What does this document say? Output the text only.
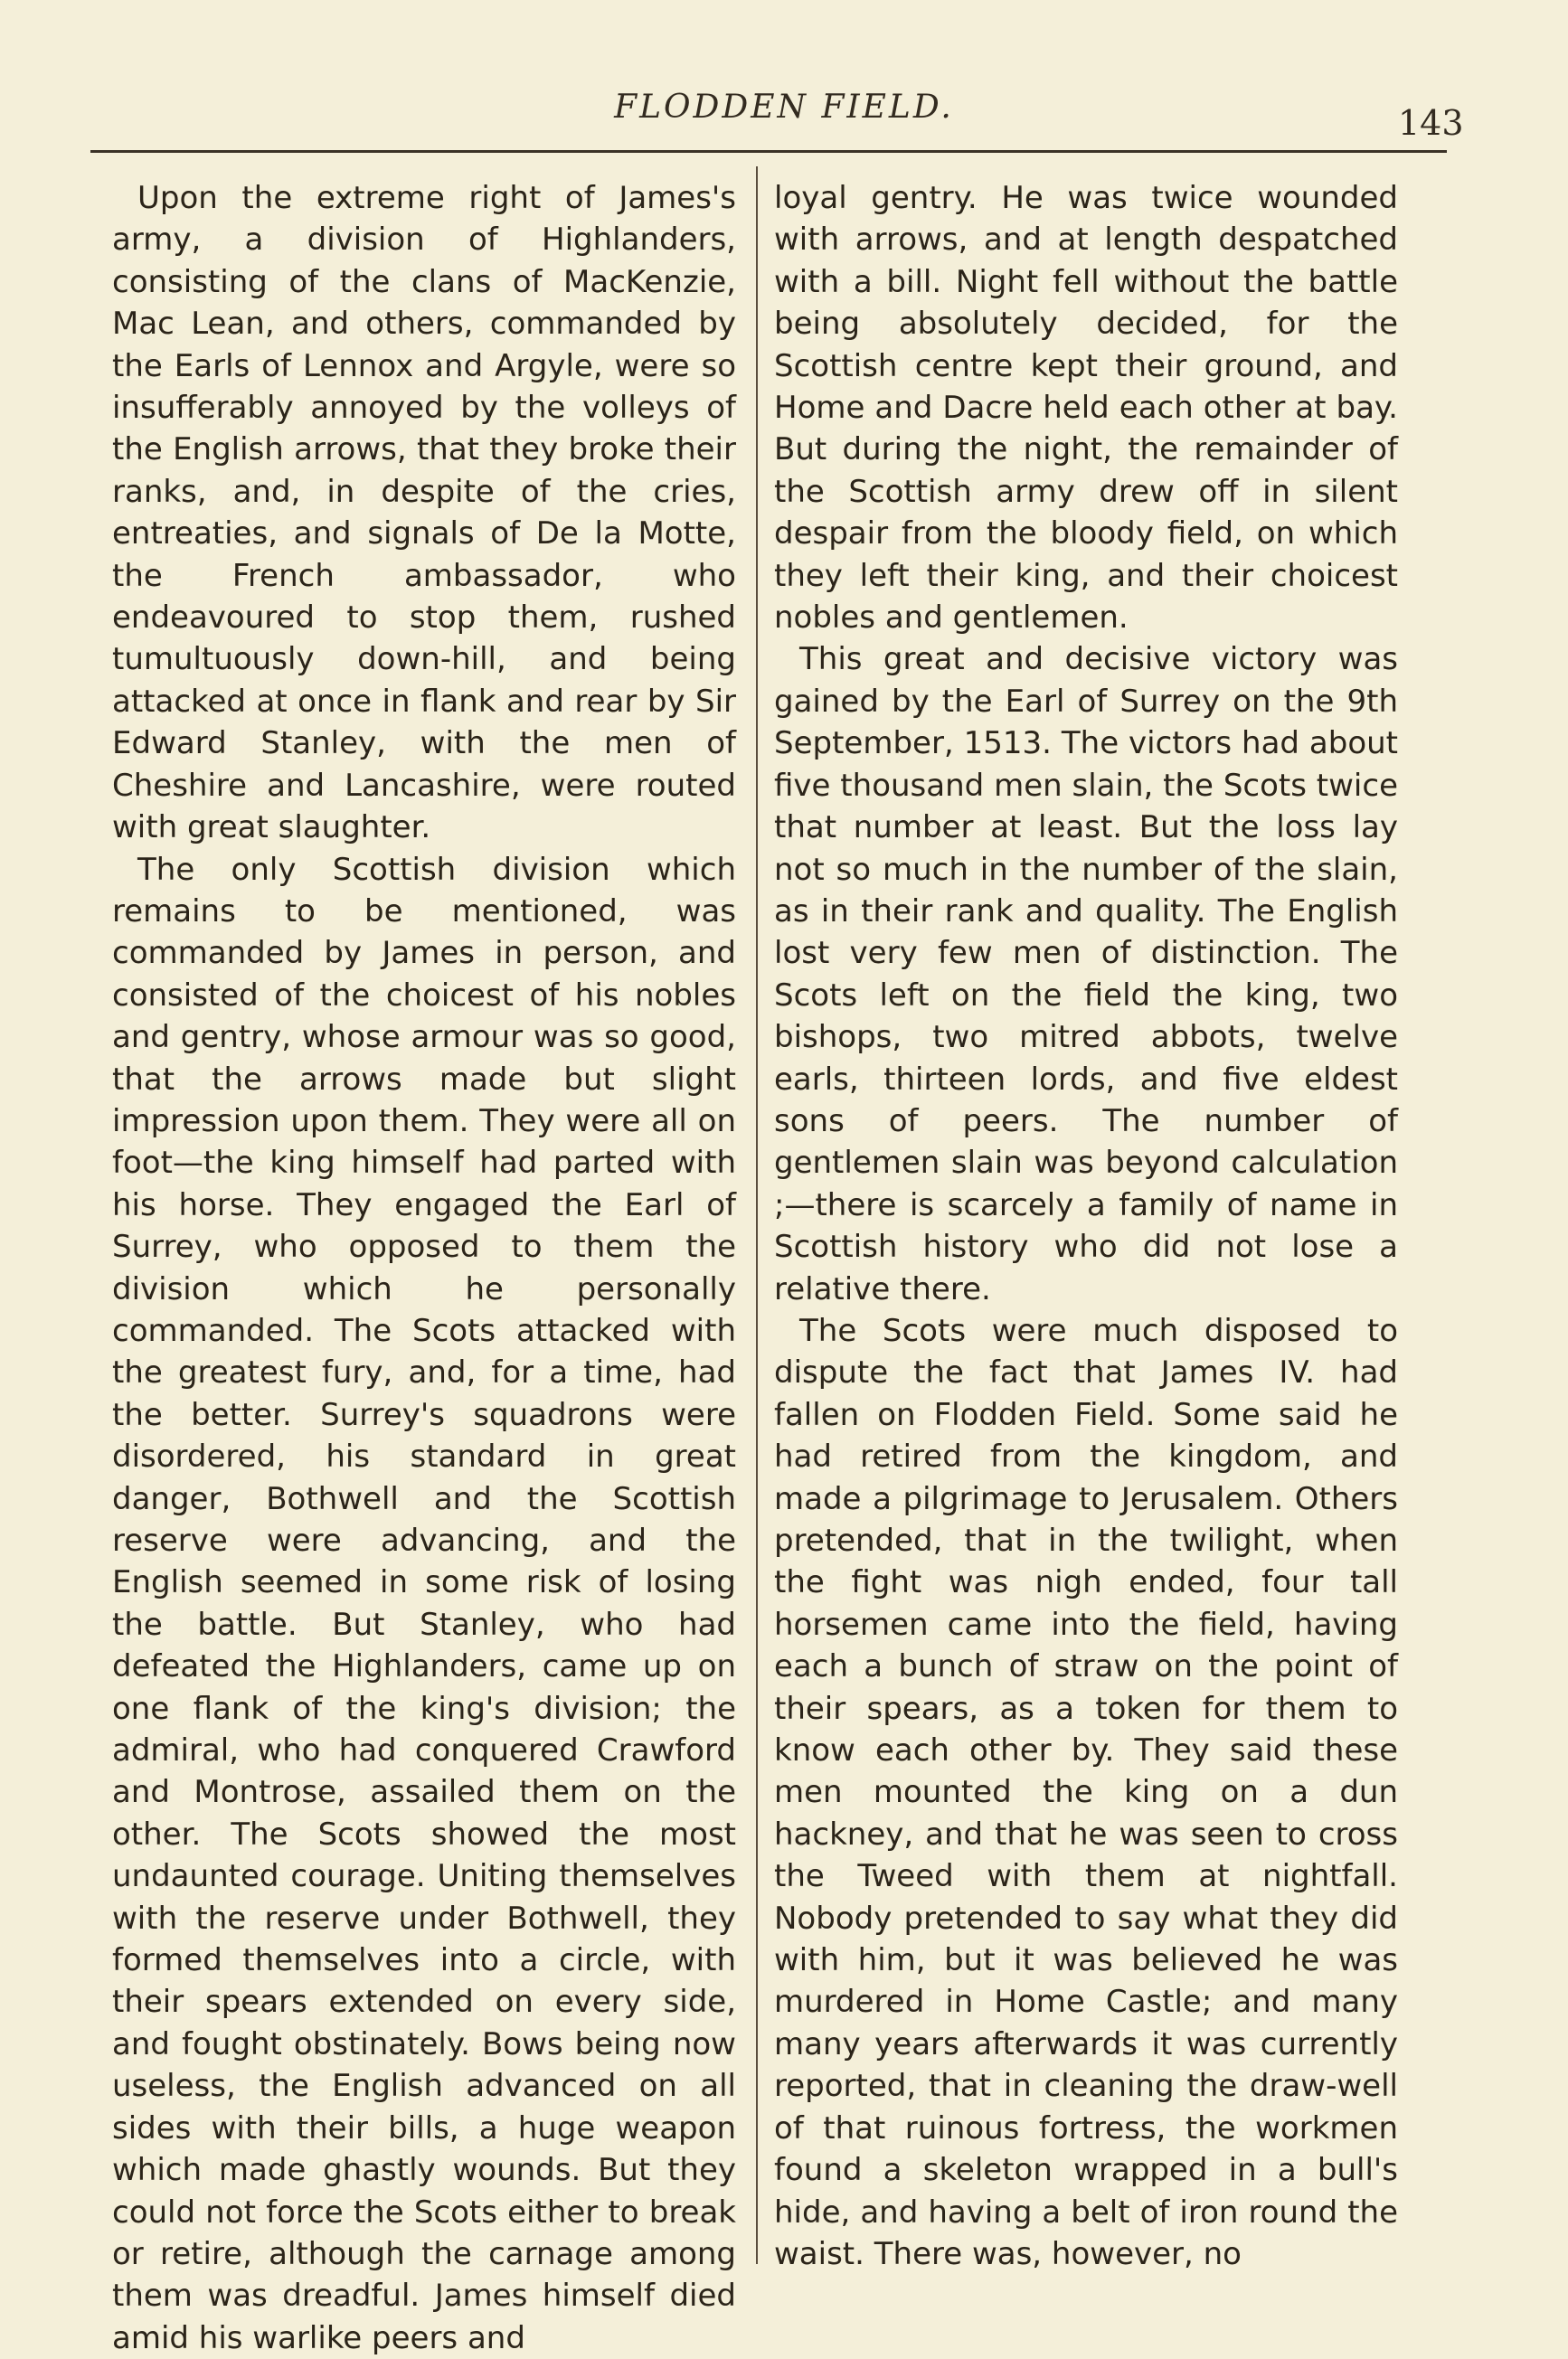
FLODDEN FIELD.	143

Upon the extreme right of James's army, a division of Highlanders, consisting of the clans of MacKenzie, Mac Lean, and others, commanded by the Earls of Lennox and Argyle, were so insufferably annoyed by the volleys of the English arrows, that they broke their ranks, and, in despite of the cries, entreaties, and signals of De la Motte, the French ambassador, who endeavoured to stop them, rushed tumultuously down-hill, and being attacked at once in flank and rear by Sir Edward Stanley, with the men of Cheshire and Lancashire, were routed with great slaughter.

The only Scottish division which remains to be mentioned, was commanded by James in person, and consisted of the choicest of his nobles and gentry, whose armour was so good, that the arrows made but slight impression upon them. They were all on foot—the king himself had parted with his horse. They engaged the Earl of Surrey, who opposed to them the division which he personally commanded. The Scots attacked with the greatest fury, and, for a time, had the better. Surrey's squadrons were disordered, his standard in great danger, Bothwell and the Scottish reserve were advancing, and the English seemed in some risk of losing the battle. But Stanley, who had defeated the Highlanders, came up on one flank of the king's division; the admiral, who had conquered Crawford and Montrose, assailed them on the other. The Scots showed the most undaunted courage. Uniting themselves with the reserve under Bothwell, they formed themselves into a circle, with their spears extended on every side, and fought obstinately. Bows being now useless, the English advanced on all sides with their bills, a huge weapon which made ghastly wounds. But they could not force the Scots either to break or retire, although the carnage among them was dreadful. James himself died amid his warlike peers and

loyal gentry. He was twice wounded with arrows, and at length despatched with a bill. Night fell without the battle being absolutely decided, for the Scottish centre kept their ground, and Home and Dacre held each other at bay. But during the night, the remainder of the Scottish army drew off in silent despair from the bloody field, on which they left their king, and their choicest nobles and gentlemen.

This great and decisive victory was gained by the Earl of Surrey on the 9th September, 1513. The victors had about five thousand men slain, the Scots twice that number at least. But the loss lay not so much in the number of the slain, as in their rank and quality. The English lost very few men of distinction. The Scots left on the field the king, two bishops, two mitred abbots, twelve earls, thirteen lords, and five eldest sons of peers. The number of gentlemen slain was beyond calculation ;—there is scarcely a family of name in Scottish history who did not lose a relative there.

The Scots were much disposed to dispute the fact that James IV. had fallen on Flodden Field. Some said he had retired from the kingdom, and made a pilgrimage to Jerusalem. Others pretended, that in the twilight, when the fight was nigh ended, four tall horsemen came into the field, having each a bunch of straw on the point of their spears, as a token for them to know each other by. They said these men mounted the king on a dun hackney, and that he was seen to cross the Tweed with them at nightfall. Nobody pretended to say what they did with him, but it was believed he was murdered in Home Castle; and many many years afterwards it was currently reported, that in cleaning the draw-well of that ruinous fortress, the workmen found a skeleton wrapped in a bull's hide, and having a belt of iron round the waist. There was, however, no
